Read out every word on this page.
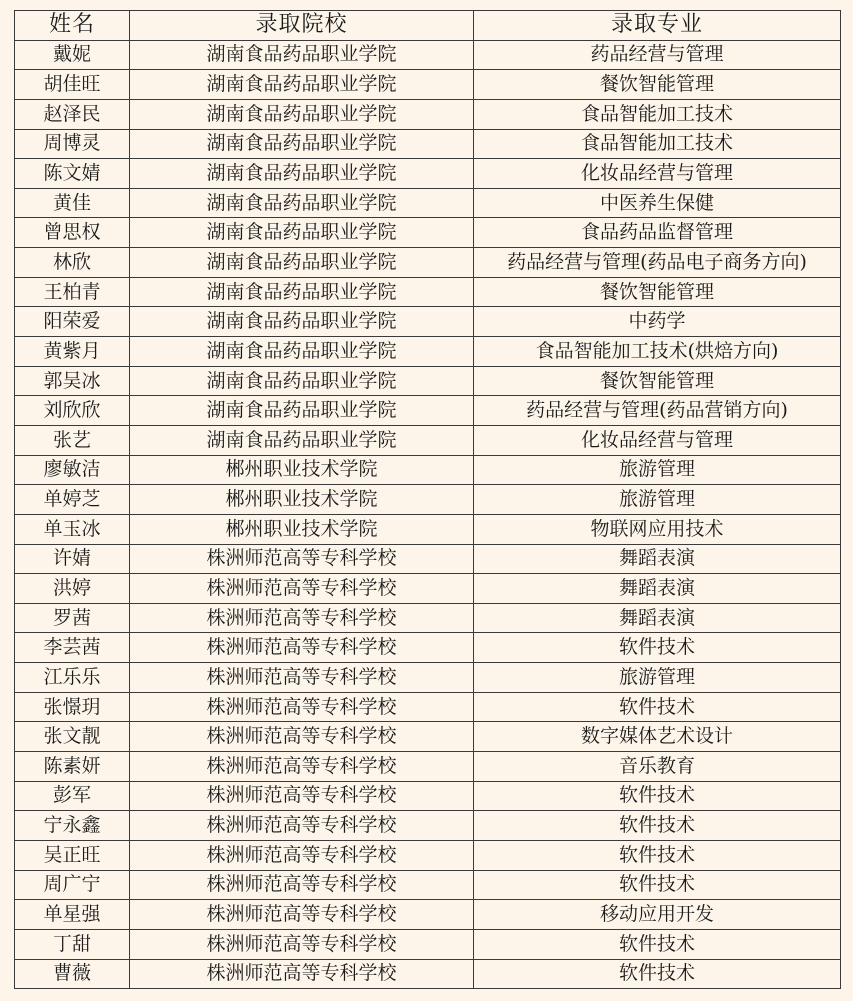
姓名	录取院校	录取专业
戴妮	湖南食品药品职业学院	药品经营与管理
胡佳旺	湖南食品药品职业学院	餐饮智能管理
赵泽民	湖南食品药品职业学院	食品智能加工技术
周博灵	湖南食品药品职业学院	食品智能加工技术
陈文婧	湖南食品药品职业学院	化妆品经营与管理
黄佳	湖南食品药品职业学院	中医养生保健
曾思权	湖南食品药品职业学院	食品药品监督管理
林欣	湖南食品药品职业学院	药品经营与管理(药品电子商务方向)
王柏青	湖南食品药品职业学院	餐饮智能管理
阳荣爱	湖南食品药品职业学院	中药学
黄紫月	湖南食品药品职业学院	食品智能加工技术(烘焙方向)
郭吴冰	湖南食品药品职业学院	餐饮智能管理
刘欣欣	湖南食品药品职业学院	药品经营与管理(药品营销方向)
张艺	湖南食品药品职业学院	化妆品经营与管理
廖敏洁	郴州职业技术学院	旅游管理
单婷芝	郴州职业技术学院	旅游管理
单玉冰	郴州职业技术学院	物联网应用技术
许婧	株洲师范高等专科学校	舞蹈表演
洪婷	株洲师范高等专科学校	舞蹈表演
罗茜	株洲师范高等专科学校	舞蹈表演
李芸茜	株洲师范高等专科学校	软件技术
江乐乐	株洲师范高等专科学校	旅游管理
张憬玥	株洲师范高等专科学校	软件技术
张文靓	株洲师范高等专科学校	数字媒体艺术设计
陈素妍	株洲师范高等专科学校	音乐教育
彭军	株洲师范高等专科学校	软件技术
宁永鑫	株洲师范高等专科学校	软件技术
吴正旺	株洲师范高等专科学校	软件技术
周广宁	株洲师范高等专科学校	软件技术
单星强	株洲师范高等专科学校	移动应用开发
丁甜	株洲师范高等专科学校	软件技术
曹薇	株洲师范高等专科学校	软件技术
